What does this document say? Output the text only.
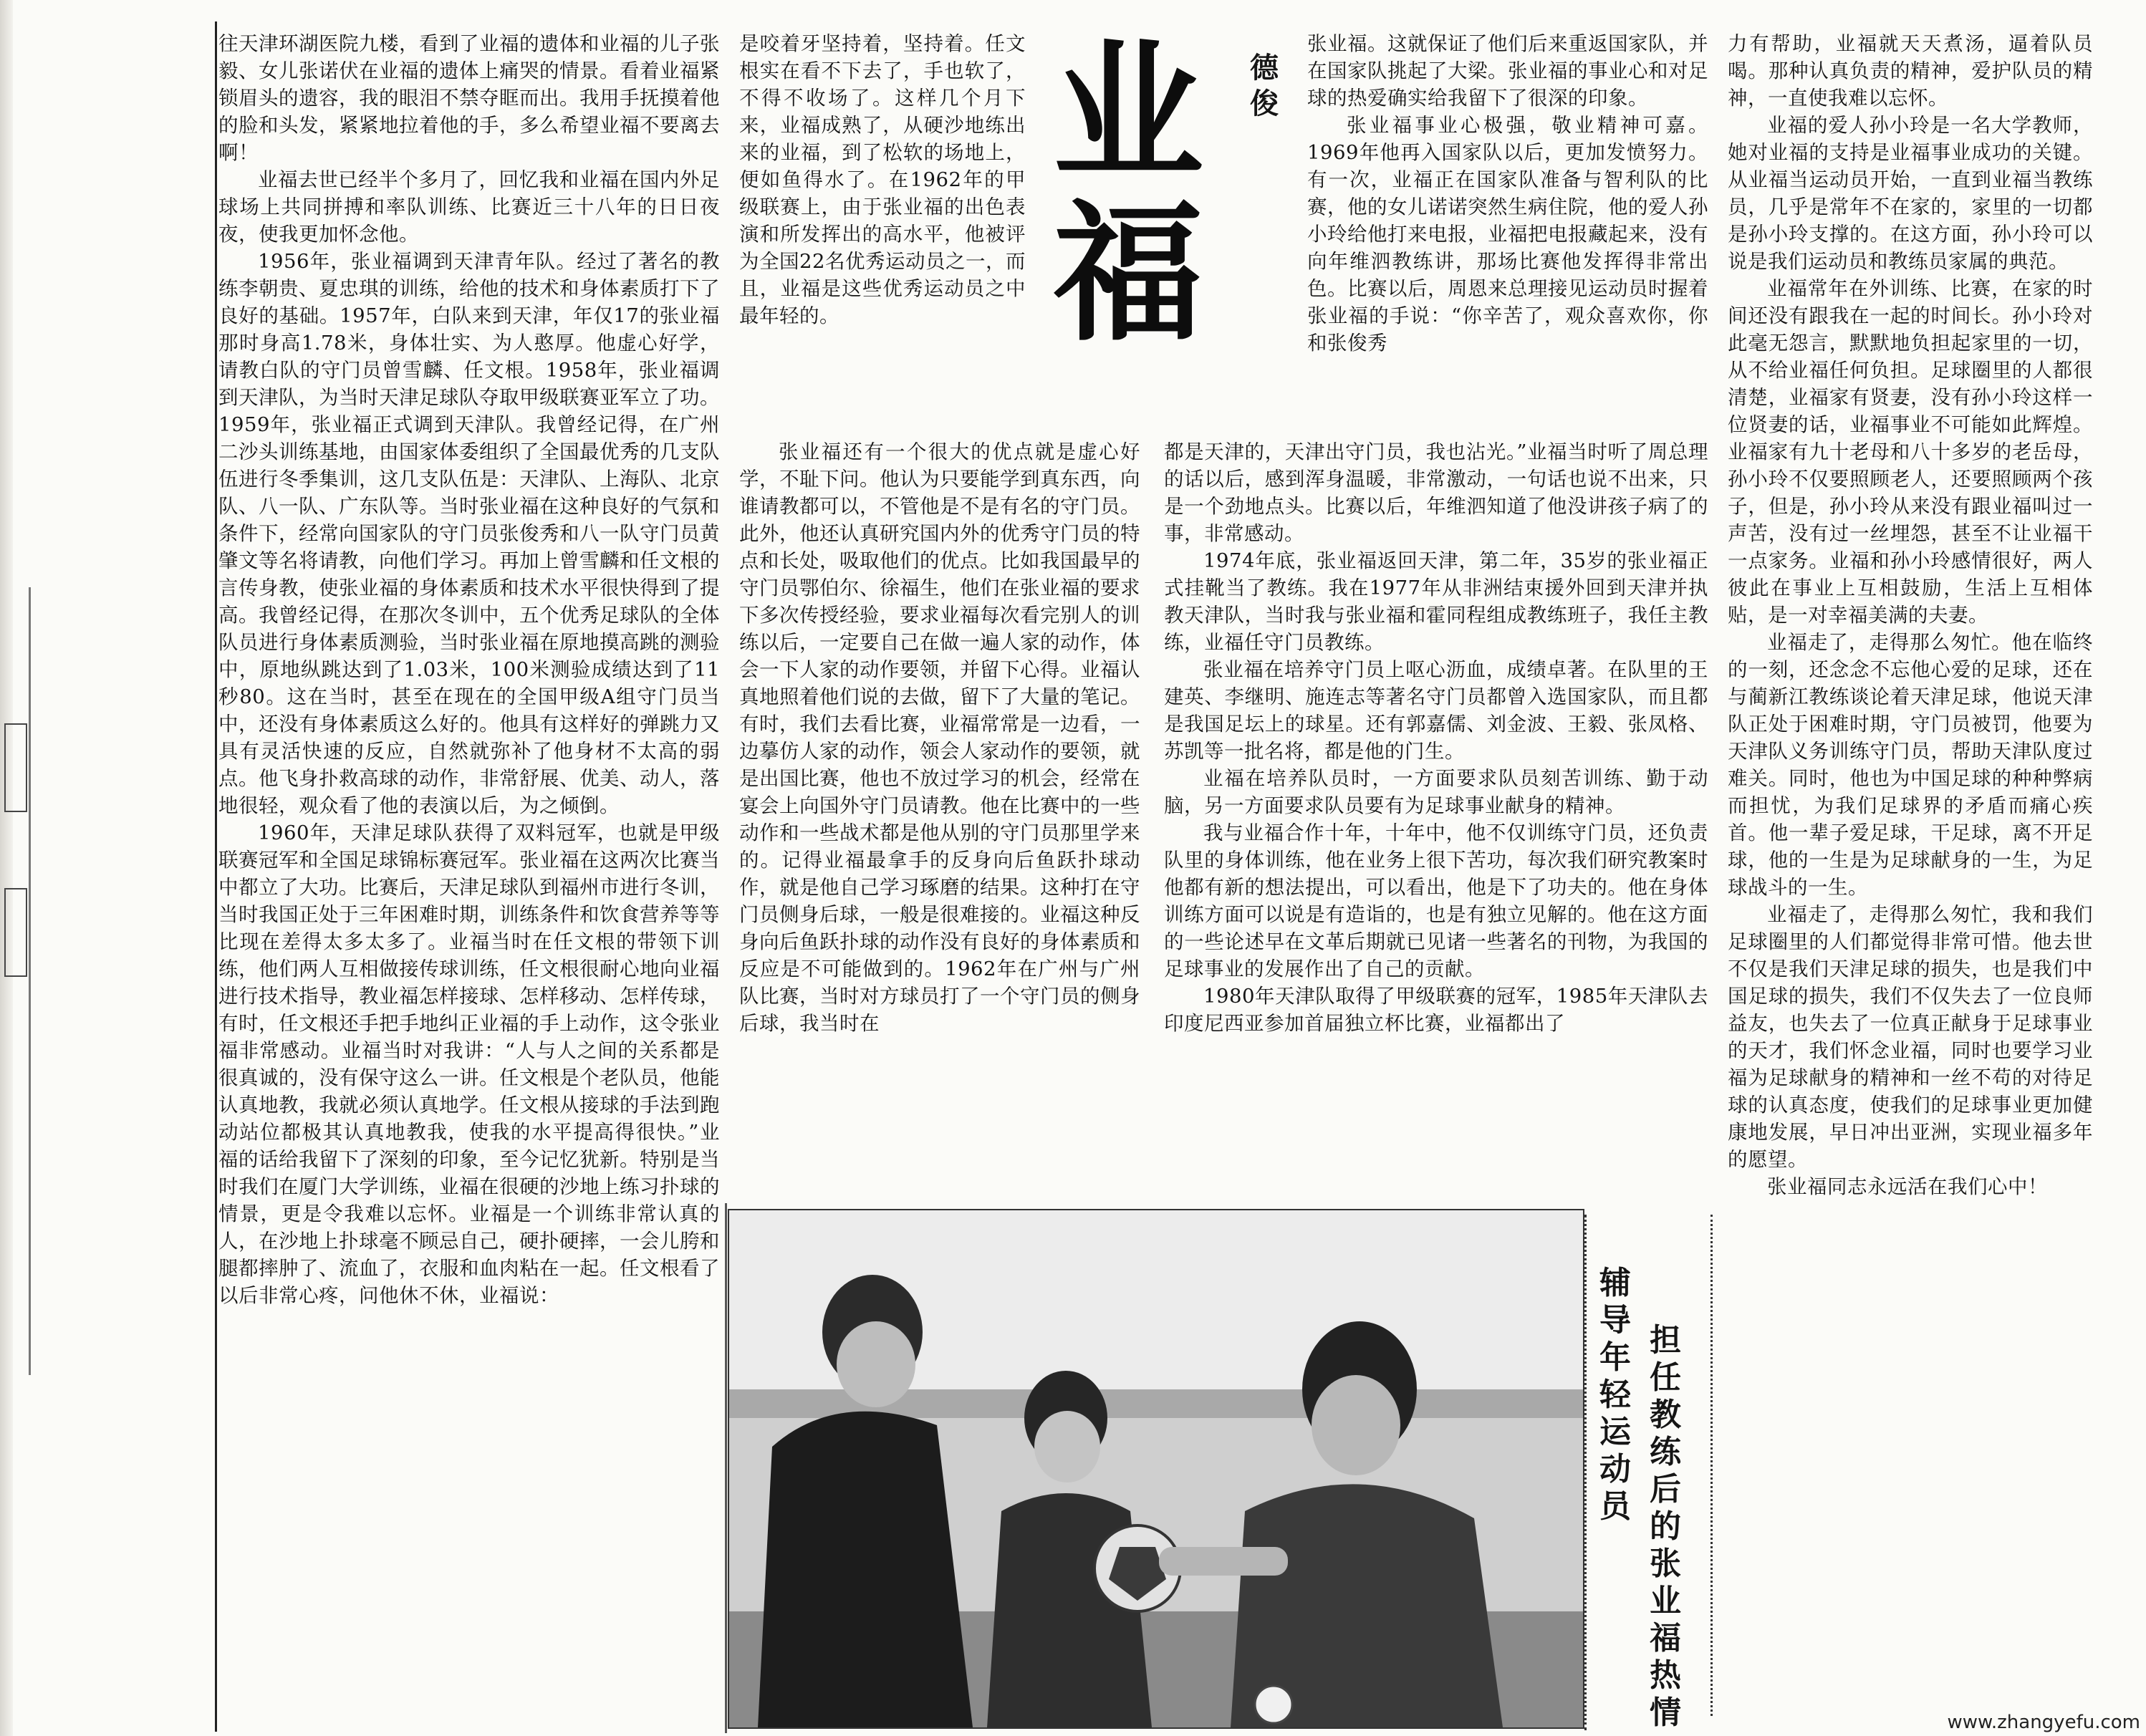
往天津环湖医院九楼，看到了业福的遗体和业福的儿子张毅、女儿张诺伏在业福的遗体上痛哭的情景。看着业福紧锁眉头的遗容，我的眼泪不禁夺眶而出。我用手抚摸着他的脸和头发，紧紧地拉着他的手，多么希望业福不要离去啊！

业福去世已经半个多月了，回忆我和业福在国内外足球场上共同拼搏和率队训练、比赛近三十八年的日日夜夜，使我更加怀念他。

1956年，张业福调到天津青年队。经过了著名的教练李朝贵、夏忠琪的训练，给他的技术和身体素质打下了良好的基础。1957年，白队来到天津，年仅17的张业福那时身高1.78米，身体壮实、为人憨厚。他虚心好学，请教白队的守门员曾雪麟、任文根。1958年，张业福调到天津队，为当时天津足球队夺取甲级联赛亚军立了功。1959年，张业福正式调到天津队。我曾经记得，在广州二沙头训练基地，由国家体委组织了全国最优秀的几支队伍进行冬季集训，这几支队伍是：天津队、上海队、北京队、八一队、广东队等。当时张业福在这种良好的气氛和条件下，经常向国家队的守门员张俊秀和八一队守门员黄肇文等名将请教，向他们学习。再加上曾雪麟和任文根的言传身教，使张业福的身体素质和技术水平很快得到了提高。我曾经记得，在那次冬训中，五个优秀足球队的全体队员进行身体素质测验，当时张业福在原地摸高跳的测验中，原地纵跳达到了1.03米，100米测验成绩达到了11秒80。这在当时，甚至在现在的全国甲级A组守门员当中，还没有身体素质这么好的。他具有这样好的弹跳力又具有灵活快速的反应，自然就弥补了他身材不太高的弱点。他飞身扑救高球的动作，非常舒展、优美、动人，落地很轻，观众看了他的表演以后，为之倾倒。

1960年，天津足球队获得了双料冠军，也就是甲级联赛冠军和全国足球锦标赛冠军。张业福在这两次比赛当中都立了大功。比赛后，天津足球队到福州市进行冬训，当时我国正处于三年困难时期，训练条件和饮食营养等等比现在差得太多太多了。业福当时在任文根的带领下训练，他们两人互相做接传球训练，任文根很耐心地向业福进行技术指导，教业福怎样接球、怎样移动、怎样传球，有时，任文根还手把手地纠正业福的手上动作，这令张业福非常感动。业福当时对我讲：“人与人之间的关系都是很真诚的，没有保守这么一讲。任文根是个老队员，他能认真地教，我就必须认真地学。任文根从接球的手法到跑动站位都极其认真地教我，使我的水平提高得很快。”业福的话给我留下了深刻的印象，至今记忆犹新。特别是当时我们在厦门大学训练，业福在很硬的沙地上练习扑球的情景，更是令我难以忘怀。业福是一个训练非常认真的人，在沙地上扑球毫不顾忌自己，硬扑硬摔，一会儿胯和腿都摔肿了、流血了，衣服和血肉粘在一起。任文根看了以后非常心疼，问他休不休，业福说：

是咬着牙坚持着，坚持着。任文根实在看不下去了，手也软了，不得不收场了。这样几个月下来，业福成熟了，从硬沙地练出来的业福，到了松软的场地上，便如鱼得水了。在1962年的甲级联赛上，由于张业福的出色表演和所发挥出的高水平，他被评为全国22名优秀运动员之一，而且，业福是这些优秀运动员之中最年轻的。

业
福
德
俊

张业福还有一个很大的优点就是虚心好学，不耻下问。他认为只要能学到真东西，向谁请教都可以，不管他是不是有名的守门员。此外，他还认真研究国内外的优秀守门员的特点和长处，吸取他们的优点。比如我国最早的守门员鄂伯尔、徐福生，他们在张业福的要求下多次传授经验，要求业福每次看完别人的训练以后，一定要自己在做一遍人家的动作，体会一下人家的动作要领，并留下心得。业福认真地照着他们说的去做，留下了大量的笔记。有时，我们去看比赛，业福常常是一边看，一边摹仿人家的动作，领会人家动作的要领，就是出国比赛，他也不放过学习的机会，经常在宴会上向国外守门员请教。他在比赛中的一些动作和一些战术都是他从别的守门员那里学来的。记得业福最拿手的反身向后鱼跃扑球动作，就是他自己学习琢磨的结果。这种打在守门员侧身后球，一般是很难接的。业福这种反身向后鱼跃扑球的动作没有良好的身体素质和反应是不可能做到的。1962年在广州与广州队比赛，当时对方球员打了一个守门员的侧身后球，我当时在

张业福。这就保证了他们后来重返国家队，并在国家队挑起了大梁。张业福的事业心和对足球的热爱确实给我留下了很深的印象。

张业福事业心极强，敬业精神可嘉。1969年他再入国家队以后，更加发愤努力。有一次，业福正在国家队准备与智利队的比赛，他的女儿诺诺突然生病住院，他的爱人孙小玲给他打来电报，业福把电报藏起来，没有向年维泗教练讲，那场比赛他发挥得非常出色。比赛以后，周恩来总理接见运动员时握着张业福的手说：“你辛苦了，观众喜欢你，你和张俊秀

都是天津的，天津出守门员，我也沾光。”业福当时听了周总理的话以后，感到浑身温暖，非常激动，一句话也说不出来，只是一个劲地点头。比赛以后，年维泗知道了他没讲孩子病了的事，非常感动。

1974年底，张业福返回天津，第二年，35岁的张业福正式挂靴当了教练。我在1977年从非洲结束援外回到天津并执教天津队，当时我与张业福和霍同程组成教练班子，我任主教练，业福任守门员教练。

张业福在培养守门员上呕心沥血，成绩卓著。在队里的王建英、李继明、施连志等著名守门员都曾入选国家队，而且都是我国足坛上的球星。还有郭嘉儒、刘金波、王毅、张凤格、苏凯等一批名将，都是他的门生。

业福在培养队员时，一方面要求队员刻苦训练、勤于动脑，另一方面要求队员要有为足球事业献身的精神。

我与业福合作十年，十年中，他不仅训练守门员，还负责队里的身体训练，他在业务上很下苦功，每次我们研究教案时他都有新的想法提出，可以看出，他是下了功夫的。他在身体训练方面可以说是有造诣的，也是有独立见解的。他在这方面的一些论述早在文革后期就已见诸一些著名的刊物，为我国的足球事业的发展作出了自己的贡献。

1980年天津队取得了甲级联赛的冠军，1985年天津队去印度尼西亚参加首届独立杯比赛，业福都出了

力有帮助，业福就天天煮汤，逼着队员喝。那种认真负责的精神，爱护队员的精神，一直使我难以忘怀。

业福的爱人孙小玲是一名大学教师，她对业福的支持是业福事业成功的关键。从业福当运动员开始，一直到业福当教练员，几乎是常年不在家的，家里的一切都是孙小玲支撑的。在这方面，孙小玲可以说是我们运动员和教练员家属的典范。

业福常年在外训练、比赛，在家的时间还没有跟我在一起的时间长。孙小玲对此毫无怨言，默默地负担起家里的一切，从不给业福任何负担。足球圈里的人都很清楚，业福家有贤妻，没有孙小玲这样一位贤妻的话，业福事业不可能如此辉煌。业福家有九十老母和八十多岁的老岳母，孙小玲不仅要照顾老人，还要照顾两个孩子，但是，孙小玲从来没有跟业福叫过一声苦，没有过一丝埋怨，甚至不让业福干一点家务。业福和孙小玲感情很好，两人彼此在事业上互相鼓励，生活上互相体贴，是一对幸福美满的夫妻。

业福走了，走得那么匆忙。他在临终的一刻，还念念不忘他心爱的足球，还在与蔺新江教练谈论着天津足球，他说天津队正处于困难时期，守门员被罚，他要为天津队义务训练守门员，帮助天津队度过难关。同时，他也为中国足球的种种弊病而担忧，为我们足球界的矛盾而痛心疾首。他一辈子爱足球，干足球，离不开足球，他的一生是为足球献身的一生，为足球战斗的一生。

业福走了，走得那么匆忙，我和我们足球圈里的人们都觉得非常可惜。他去世不仅是我们天津足球的损失，也是我们中国足球的损失，我们不仅失去了一位良师益友，也失去了一位真正献身于足球事业的天才，我们怀念业福，同时也要学习业福为足球献身的精神和一丝不苟的对待足球的认真态度，使我们的足球事业更加健康地发展，早日冲出亚洲，实现业福多年的愿望。

张业福同志永远活在我们心中！

辅
导
年
轻
运
动
员
担
任
教
练
后
的
张
业
福
热
情	www.zhangyefu.com
